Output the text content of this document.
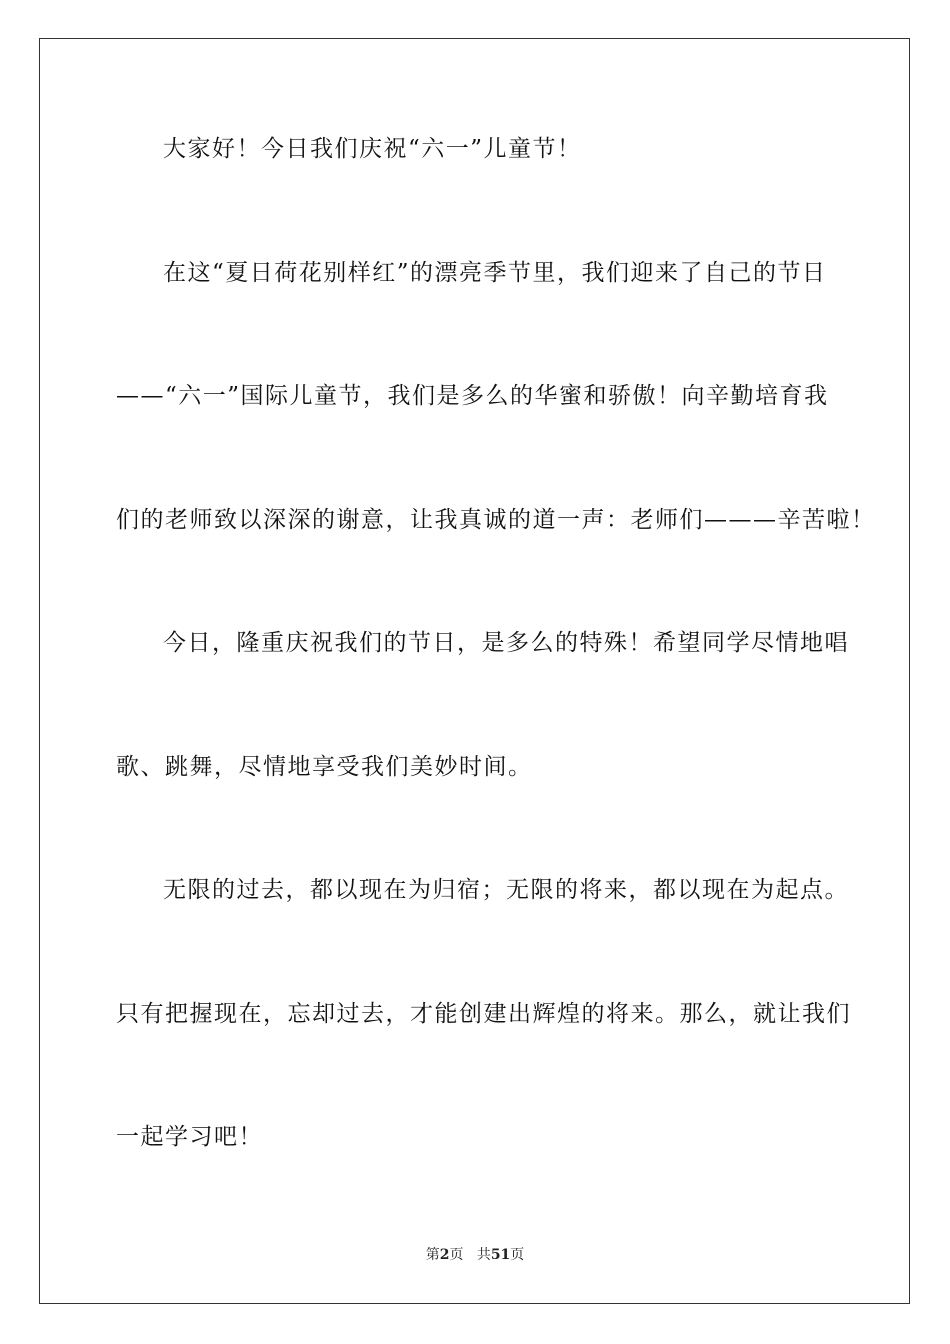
大家好！今日我们庆祝“六一”儿童节！
在这“夏日荷花别样红”的漂亮季节里，我们迎来了自己的节日
——“六一”国际儿童节，我们是多么的华蜜和骄傲！向辛勤培育我
们的老师致以深深的谢意，让我真诚的道一声：老师们———辛苦啦！
今日，隆重庆祝我们的节日，是多么的特殊！希望同学尽情地唱
歌、跳舞，尽情地享受我们美妙时间。
无限的过去，都以现在为归宿；无限的将来，都以现在为起点。
只有把握现在，忘却过去，才能创建出辉煌的将来。那么，就让我们
一起学习吧！
第2页 共51页
